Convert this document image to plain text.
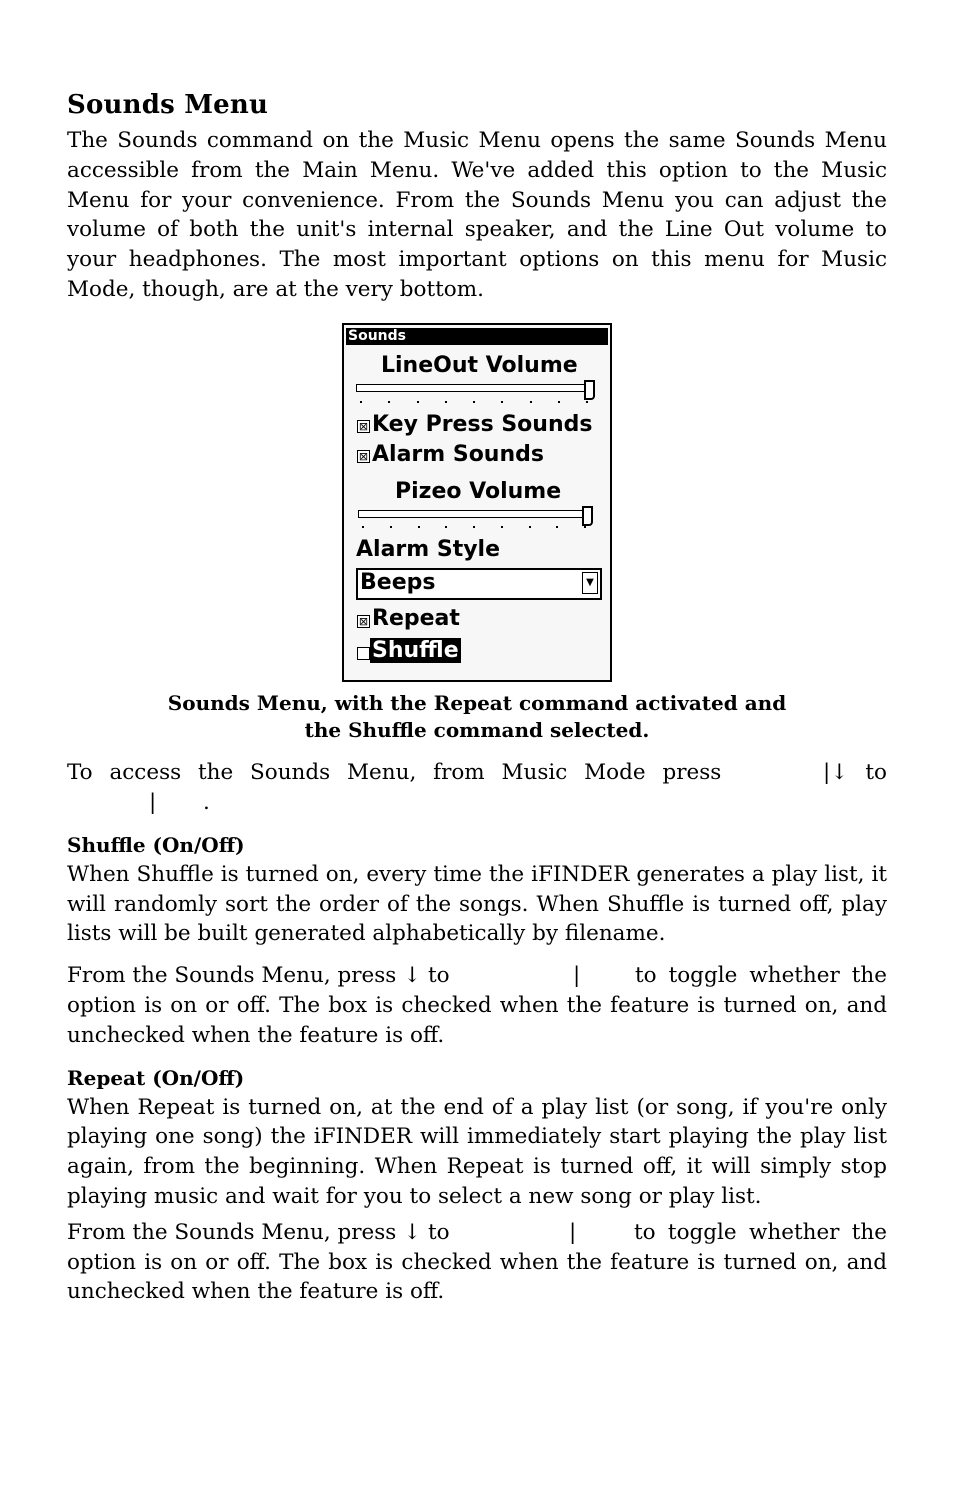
Sounds Menu

The Sounds command on the Music Menu opens the same Sounds Menu accessible from the Main Menu. We've added this option to the Music Menu for your convenience. From the Sounds Menu you can adjust the volume of both the unit's internal speaker, and the Line Out volume to your headphones. The most important options on this menu for Music Mode, though, are at the very bottom.

Sounds
LineOut Volume
⊠ Key Press Sounds
⊠ Alarm Sounds
Pizeo Volume
Alarm Style
Beeps	▼
⊠ Repeat
Shuffle
Sounds Menu, with the Repeat command activated and
the Shuffle command selected.
To access the Sounds Menu, from Music Mode press	|↓ to
| .
Shuffle (On/Off)

When Shuffle is turned on, every time the iFINDER generates a play list, it will randomly sort the order of the songs. When Shuffle is turned off, play lists will be built generated alphabetically by filename.

From the Sounds Menu, press ↓ to	|	to toggle whether the option is on or off. The box is checked when the feature is turned on, and unchecked when the feature is off.

Repeat (On/Off)

When Repeat is turned on, at the end of a play list (or song, if you're only playing one song) the iFINDER will immediately start playing the play list again, from the beginning. When Repeat is turned off, it will simply stop playing music and wait for you to select a new song or play list.

From the Sounds Menu, press ↓ to	|	to toggle whether the option is on or off. The box is checked when the feature is turned on, and unchecked when the feature is off.
